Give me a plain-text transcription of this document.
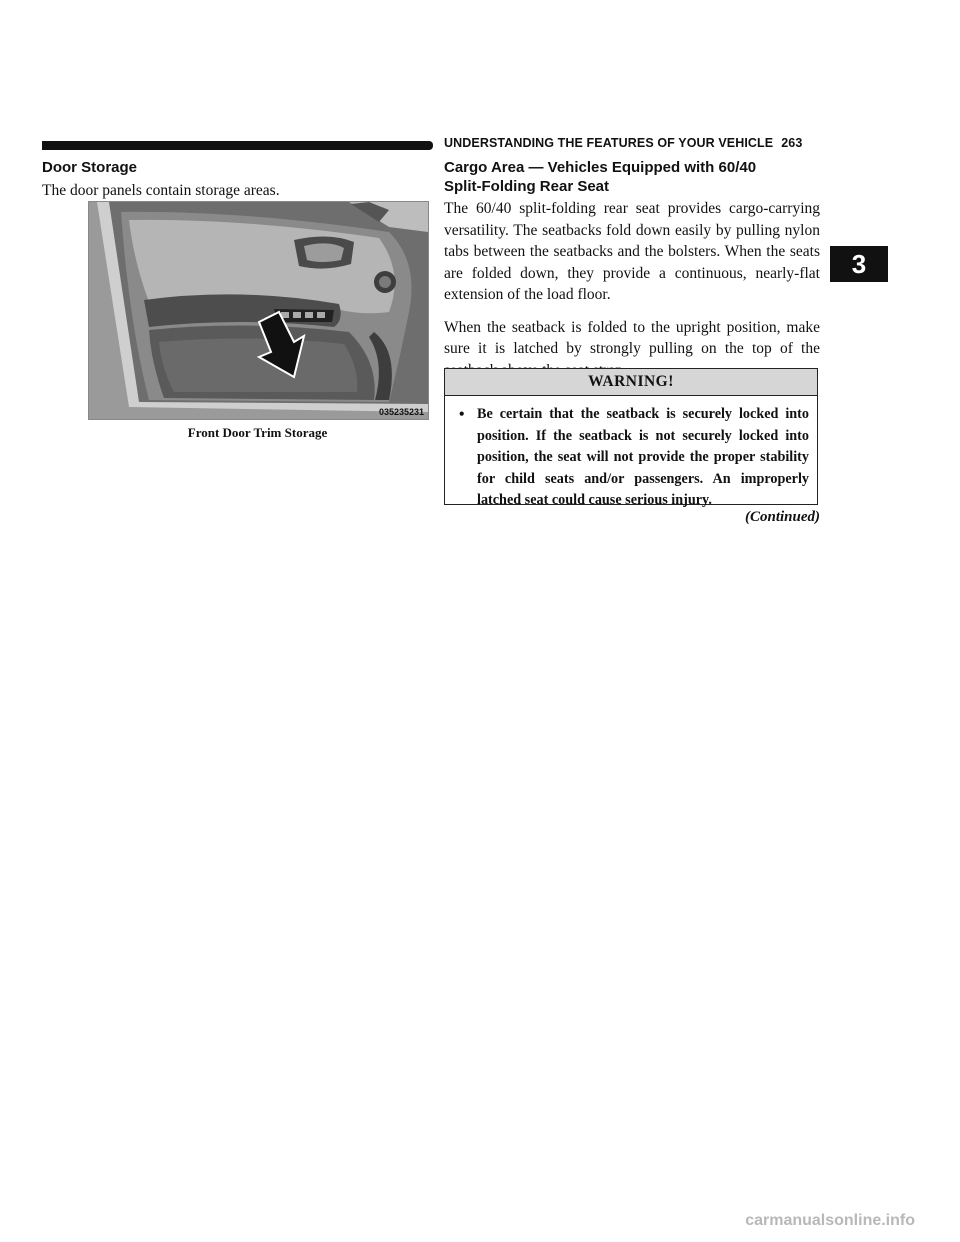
UNDERSTANDING THE FEATURES OF YOUR VEHICLE 263
3
Door Storage

The door panels contain storage areas.

035235231
Front Door Trim Storage
Cargo Area — Vehicles Equipped with 60/40
Split-Folding Rear Seat

The 60/40 split-folding rear seat provides cargo-carrying versatility. The seatbacks fold down easily by pulling nylon tabs between the seatbacks and the bolsters. When the seats are folded down, they provide a continuous, nearly-flat extension of the load floor.

When the seatback is folded to the upright position, make sure it is latched by strongly pulling on the top of the

WARNING!
• Be certain that the seatback is securely locked into position. If the seatback is not securely locked into position, the seat will not provide the proper stability for child seats and/or passengers. An improperly latched seat could cause serious injury.
(Continued)
carmanualsonline.info
